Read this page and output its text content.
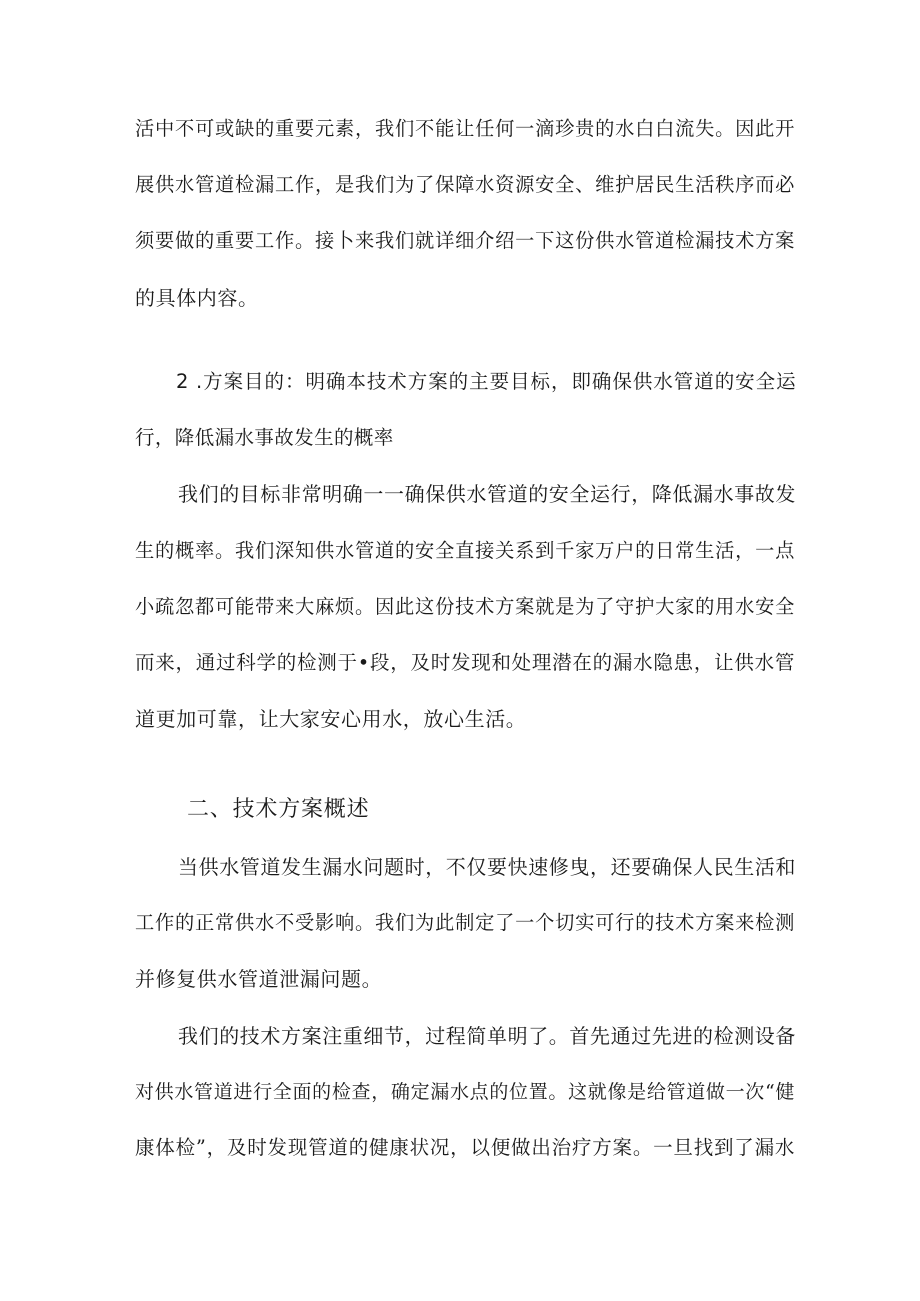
活中不可或缺的重要元素，我们不能让任何一滴珍贵的水白白流失。因此开

展供水管道检漏工作，是我们为了保障水资源安全、维护居民生活秩序而必

须要做的重要工作。接卜来我们就详细介绍一下这份供水管道检漏技术方案

的具体内容。

2 .方案目的：明确本技术方案的主要目标，即确保供水管道的安全运

行，降低漏水事故发生的概率

我们的目标非常明确一一确保供水管道的安全运行，降低漏水事故发

生的概率。我们深知供水管道的安全直接关系到千家万户的日常生活，一点

小疏忽都可能带来大麻烦。因此这份技术方案就是为了守护大家的用水安全

而来，通过科学的检测于•段，及时发现和处理潜在的漏水隐患，让供水管

道更加可靠，让大家安心用水，放心生活。

二、技术方案概述

当供水管道发生漏水问题时，不仅要快速修曳，还要确保人民生活和

工作的正常供水不受影响。我们为此制定了一个切实可行的技术方案来检测

并修复供水管道泄漏问题。

我们的技术方案注重细节，过程简单明了。首先通过先进的检测设备

对供水管道进行全面的检查，确定漏水点的位置。这就像是给管道做一次“健

康体检”，及时发现管道的健康状况，以便做出治疗方案。一旦找到了漏水
